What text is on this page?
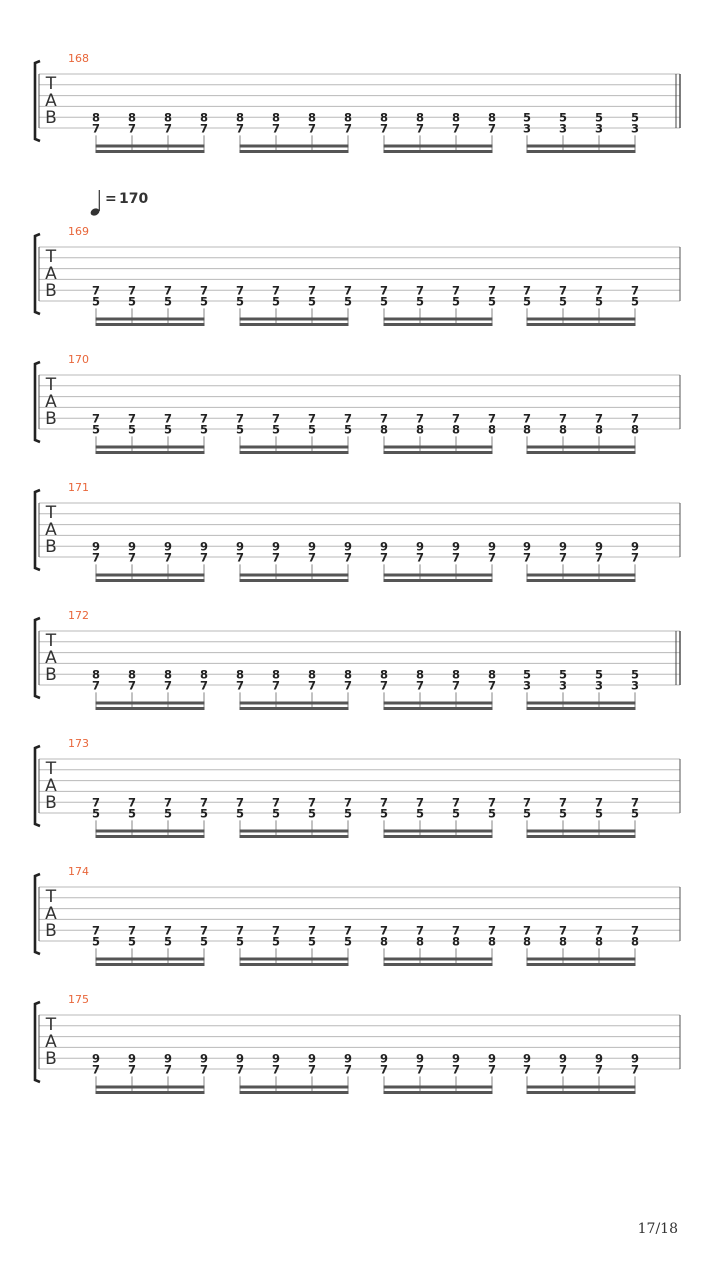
= 170
168
T
A
B	8
7
8
7
8
7
8
7
8
7
8
7
8
7
8
7
8
7
8
7
8
7
8
7
5
3
5
3
5
3
5
3
169
T
A
B	7
5
7
5
7
5
7
5
7
5
7
5
7
5
7
5
7
5
7
5
7
5
7
5
7
5
7
5
7
5
7
5
170
T
A
B	7
5
7
5
7
5
7
5
7
5
7
5
7
5
7
5
7
8
7
8
7
8
7
8
7
8
7
8
7
8
7
8
171
T
A
B	9
7
9
7
9
7
9
7
9
7
9
7
9
7
9
7
9
7
9
7
9
7
9
7
9
7
9
7
9
7
9
7
172
T
A
B	8
7
8
7
8
7
8
7
8
7
8
7
8
7
8
7
8
7
8
7
8
7
8
7
5
3
5
3
5
3
5
3
173
T
A
B	7
5
7
5
7
5
7
5
7
5
7
5
7
5
7
5
7
5
7
5
7
5
7
5
7
5
7
5
7
5
7
5
174
T
A
B	7
5
7
5
7
5
7
5
7
5
7
5
7
5
7
5
7
8
7
8
7
8
7
8
7
8
7
8
7
8
7
8
175
T
A
B	9
7
9
7
9
7
9
7
9
7
9
7
9
7
9
7
9
7
9
7
9
7
9
7
9
7
9
7
9
7
9
7
17/18
